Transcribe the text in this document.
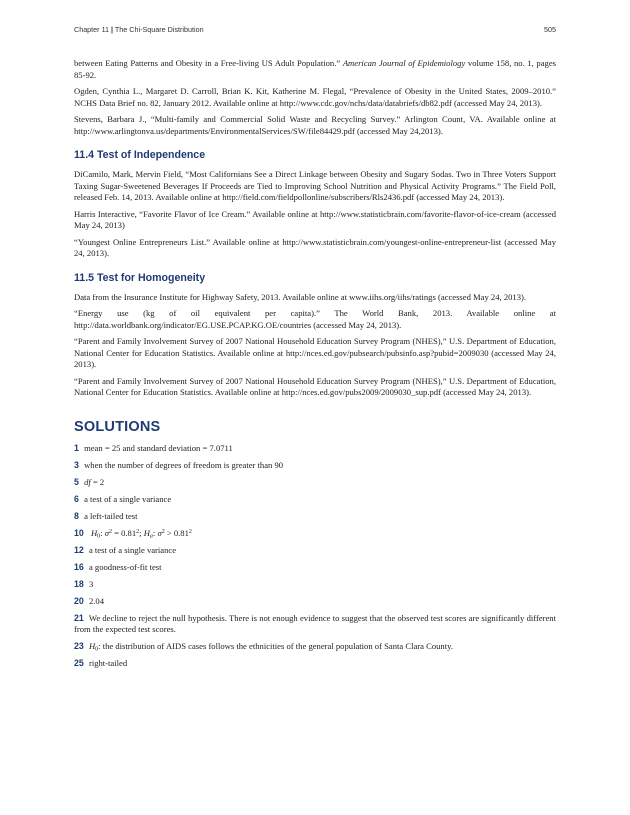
Chapter 11 | The Chi-Square Distribution	505

between Eating Patterns and Obesity in a Free-living US Adult Population.” American Journal of Epidemiology volume 158, no. 1, pages 85-92.

Ogden, Cynthia L., Margaret D. Carroll, Brian K. Kit, Katherine M. Flegal, “Prevalence of Obesity in the United States, 2009–2010.” NCHS Data Brief no. 82, January 2012. Available online at http://www.cdc.gov/nchs/data/databriefs/db82.pdf (accessed May 24, 2013).

Stevens, Barbara J., “Multi-family and Commercial Solid Waste and Recycling Survey.” Arlington Count, VA. Available online at http://www.arlingtonva.us/departments/EnvironmentalServices/SW/file84429.pdf (accessed May 24,2013).

11.4 Test of Independence

DiCamilo, Mark, Mervin Field, “Most Californians See a Direct Linkage between Obesity and Sugary Sodas. Two in Three Voters Support Taxing Sugar-Sweetened Beverages If Proceeds are Tied to Improving School Nutrition and Physical Activity Programs.” The Field Poll, released Feb. 14, 2013. Available online at http://field.com/fieldpollonline/subscribers/Rls2436.pdf (accessed May 24, 2013).

Harris Interactive, “Favorite Flavor of Ice Cream.” Available online at http://www.statisticbrain.com/favorite-flavor-of-ice-cream (accessed May 24, 2013)

“Youngest Online Entrepreneurs List.” Available online at http://www.statisticbrain.com/youngest-online-entrepreneur-list (accessed May 24, 2013).

11.5 Test for Homogeneity

Data from the Insurance Institute for Highway Safety, 2013. Available online at www.iihs.org/iihs/ratings (accessed May 24, 2013).

“Energy use (kg of oil equivalent per capita).” The World Bank, 2013. Available online at http://data.worldbank.org/indicator/EG.USE.PCAP.KG.OE/countries (accessed May 24, 2013).

“Parent and Family Involvement Survey of 2007 National Household Education Survey Program (NHES),” U.S. Department of Education, National Center for Education Statistics. Available online at http://nces.ed.gov/pubsearch/pubsinfo.asp?pubid=2009030 (accessed May 24, 2013).

“Parent and Family Involvement Survey of 2007 National Household Education Survey Program (NHES),” U.S. Department of Education, National Center for Education Statistics. Available online at http://nces.ed.gov/pubs2009/2009030_sup.pdf (accessed May 24, 2013).

SOLUTIONS
1 mean = 25 and standard deviation = 7.0711
3 when the number of degrees of freedom is greater than 90
5 df = 2
6 a test of a single variance
8 a left-tailed test
10 $H_0$: $\sigma^2 = 0.81^2$; $H_a$: $\sigma^2 > 0.81^2$
12 a test of a single variance
16 a goodness-of-fit test
18 3
20 2.04
21 We decline to reject the null hypothesis. There is not enough evidence to suggest that the observed test scores are significantly different from the expected test scores.
23 $H_0$: the distribution of AIDS cases follows the ethnicities of the general population of Santa Clara County.
25 right-tailed
